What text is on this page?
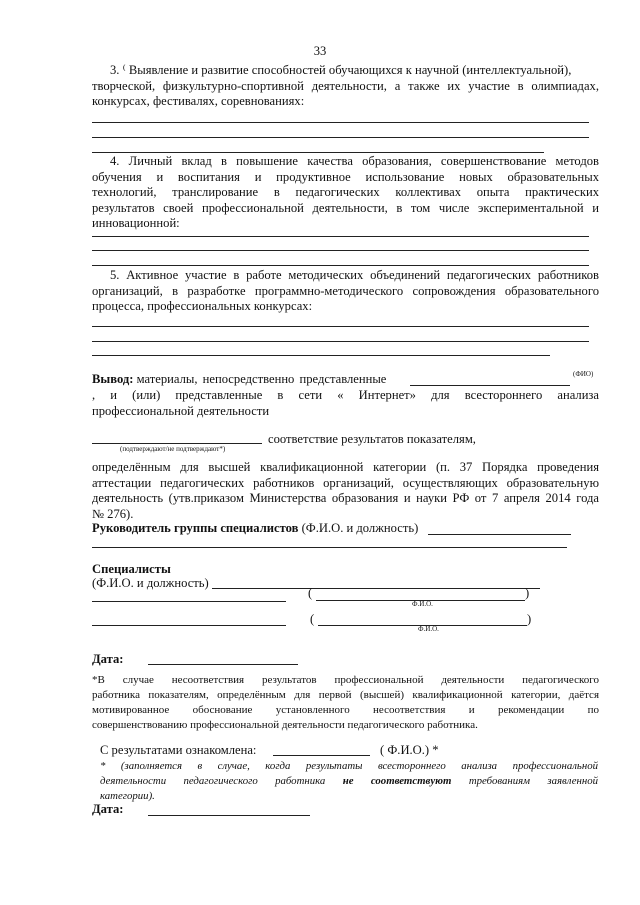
33
3. ⁽ Выявление и развитие способностей обучающихся к научной (интеллектуальной),
творческой, физкультурно-спортивной деятельности, а также их участие в олимпиадах,
конкурсах, фестивалях, соревнованиях:
4. Личный вклад в повышение качества образования, совершенствование методов
обучения и воспитания и продуктивное использование новых образовательных
технологий, транслирование в педагогических коллективах опыта практических
результатов своей профессиональной деятельности, в том числе экспериментальной и
инновационной:
5. Активное участие в работе методических объединений педагогических работников
организаций, в разработке программно-методического сопровождения образовательного
процесса, профессиональных конкурсах:
Вывод: материалы, непосредственно представленные	(ФИО)
, и (или) представленные в сети « Интернет» для всестороннего анализа
профессиональной деятельности
(подтверждают/не подтверждают*)
соответствие результатов показателям,
определённым для высшей квалификационной категории (п. 37 Порядка проведения
аттестации педагогических работников организаций, осуществляющих образовательную
деятельность (утв.приказом Министерства образования и науки РФ от 7 апреля 2014 года
№ 276).
Руководитель группы специалистов (Ф.И.О. и должность)
Специалисты
(Ф.И.О. и должность)
(	)
Ф.И.О.
(	)
Ф.И.О.
Дата:
*В случае несоответствия результатов профессиональной деятельности педагогического
работника показателям, определённым для первой (высшей) квалификационной категории, даётся
мотивированное обоснование установленного несоответствия и рекомендации по
совершенствованию профессиональной деятельности педагогического работника.
С результатами ознакомлена:	( Ф.И.О.) *
* (заполняется в случае, когда результаты всестороннего анализа профессиональной
деятельности педагогического работника не соответствуют требованиям заявленной
категории).
Дата:
